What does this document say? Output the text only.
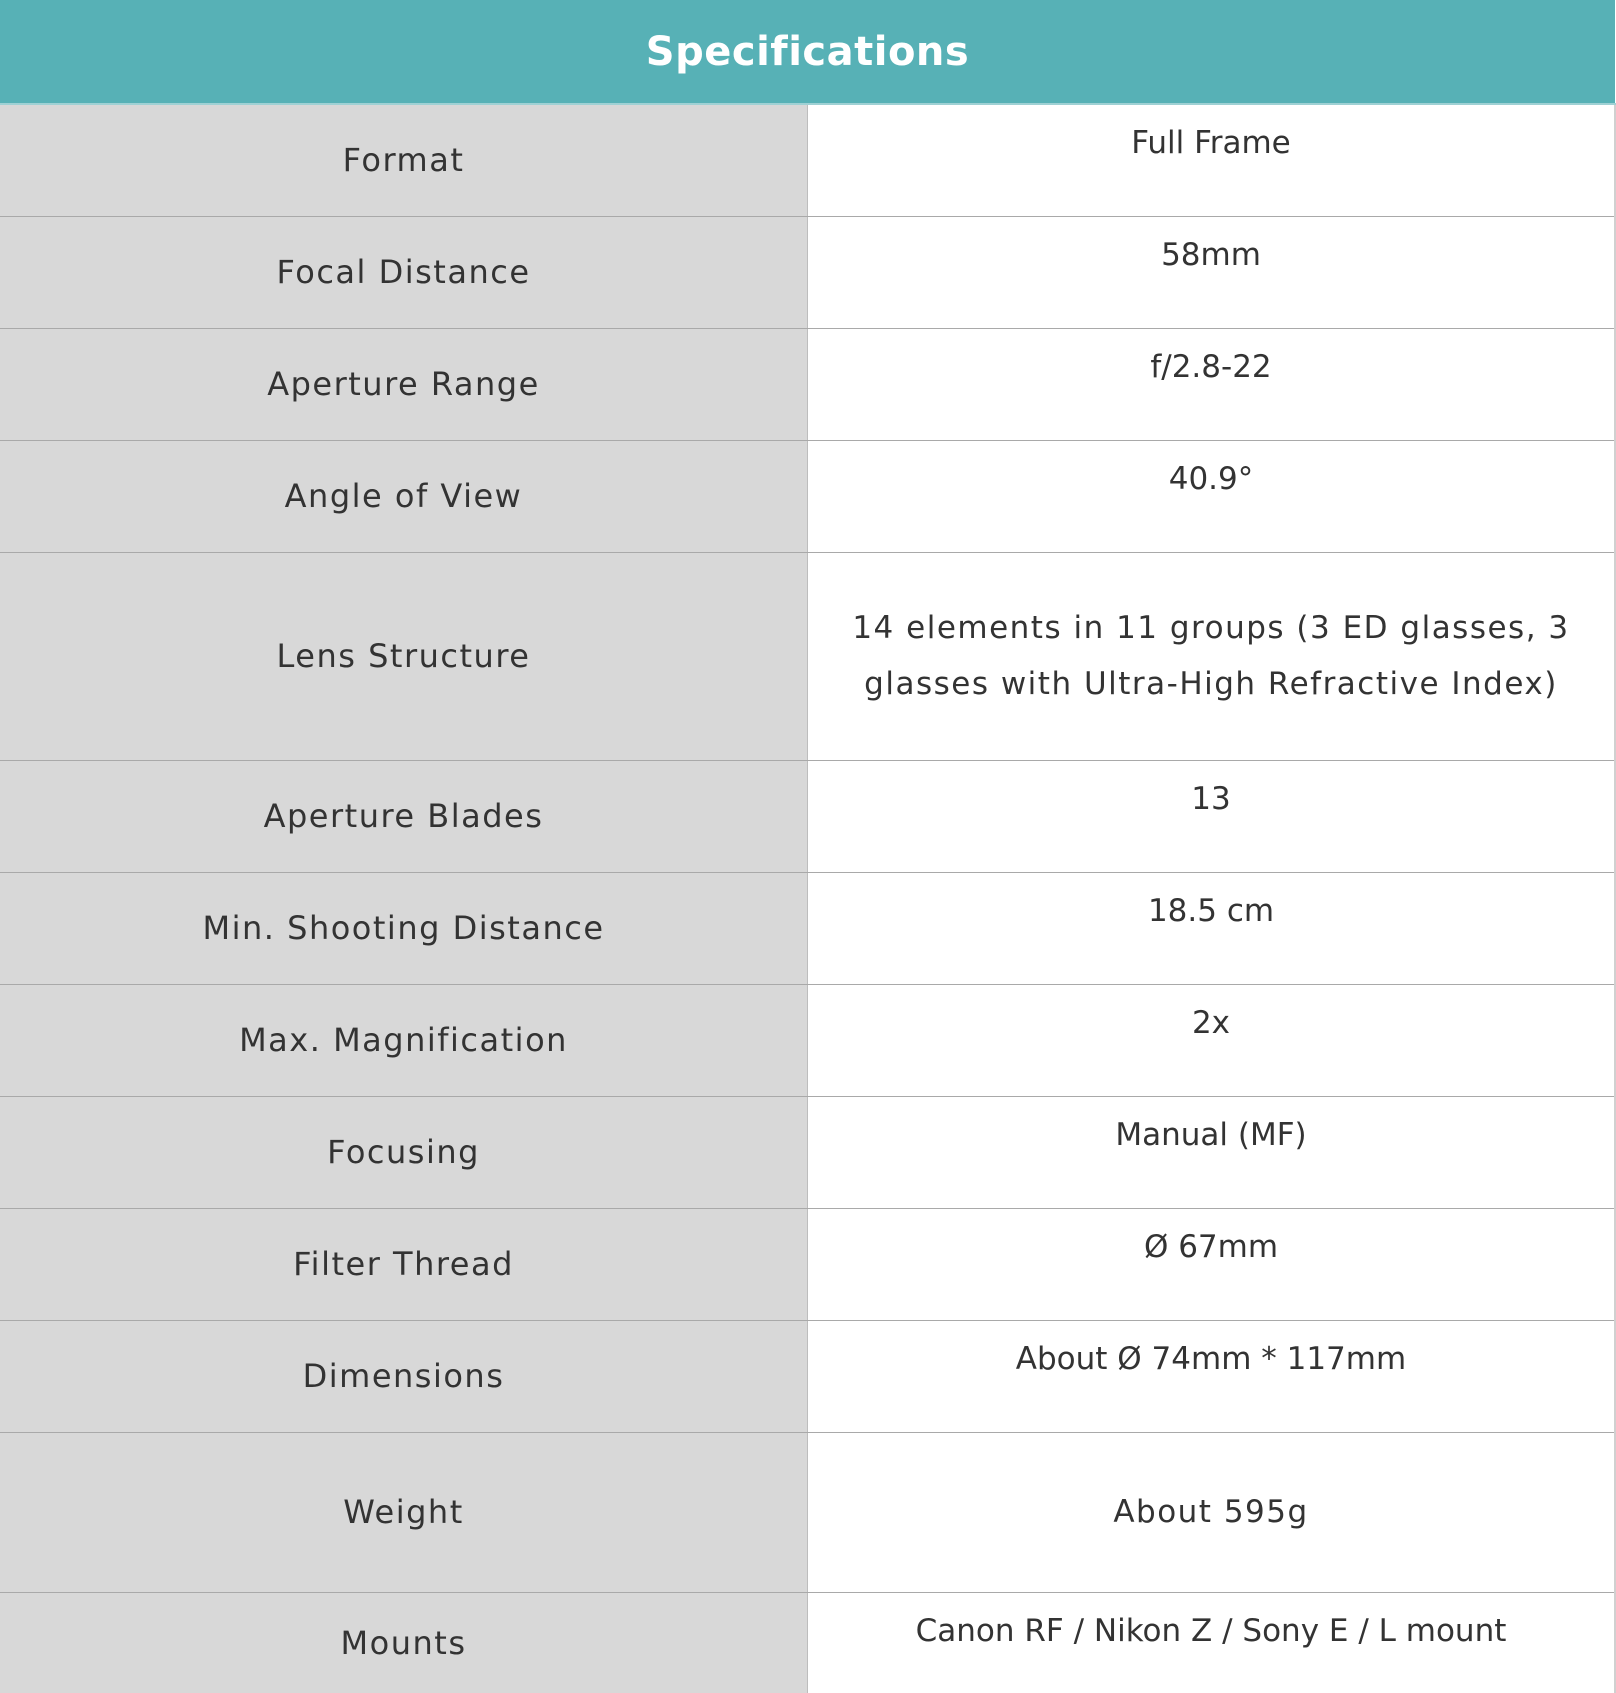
Specifications	
Format	Full Frame
Focal Distance	58mm
Aperture Range	f/2.8-22
Angle of View	40.9°
Lens Structure	14 elements in 11 groups (3 ED glasses, 3 glasses with Ultra-High Refractive Index)
Aperture Blades	13
Min. Shooting Distance	18.5 cm
Max. Magnification	2x
Focusing	Manual (MF)
Filter Thread	Ø 67mm
Dimensions	About Ø 74mm * 117mm
Weight	About 595g
Mounts	Canon RF / Nikon Z / Sony E / L mount
